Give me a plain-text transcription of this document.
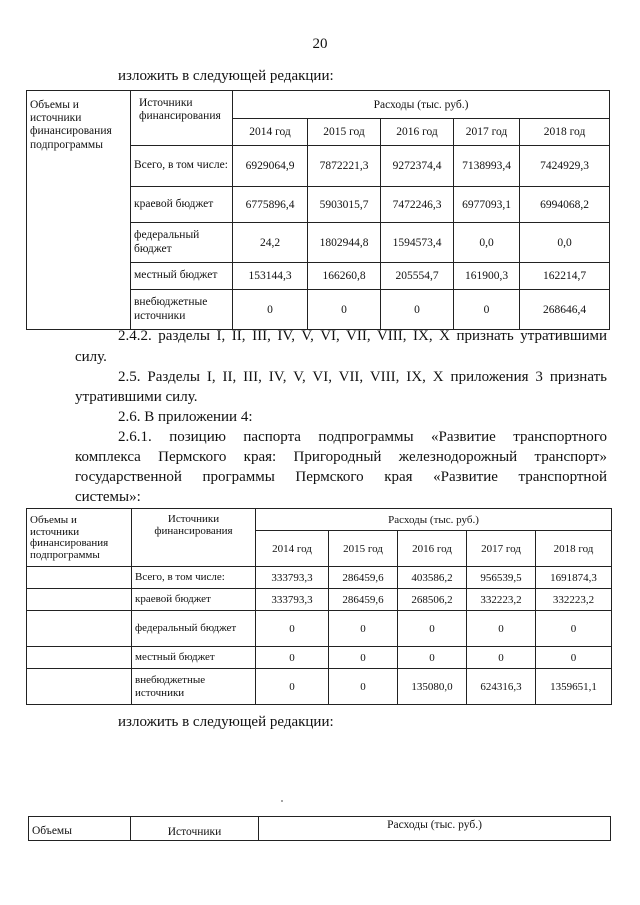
20
изложить в следующей редакции:
Объемы и источники финансирования подпрограммы	Источники финансирования	Расходы (тыс. руб.)				
		2014 год	2015 год	2016 год	2017 год	2018 год
	Всего, в том числе:	6929064,9	7872221,3	9272374,4	7138993,4	7424929,3
	краевой бюджет	6775896,4	5903015,7	7472246,3	6977093,1	6994068,2
	федеральный бюджет	24,2	1802944,8	1594573,4	0,0	0,0
	местный бюджет	153144,3	166260,8	205554,7	161900,3	162214,7
	внебюджетные источники	0	0	0	0	268646,4
2.4.2. разделы I, II, III, IV, V, VI, VII, VIII, IX, X признать утратившими
силу.
2.5. Разделы I, II, III, IV, V, VI, VII, VIII, IX, X приложения 3 признать
утратившими силу.
2.6. В приложении 4:
2.6.1. позицию паспорта подпрограммы «Развитие транспортного
комплекса Пермского края: Пригородный железнодорожный транспорт»
государственной программы Пермского края «Развитие транспортной
системы»:
Объемы и источники финансирования подпрограммы	Источники финансирования	Расходы (тыс. руб.)				
		2014 год	2015 год	2016 год	2017 год	2018 год
	Всего, в том числе:	333793,3	286459,6	403586,2	956539,5	1691874,3
	краевой бюджет	333793,3	286459,6	268506,2	332223,2	332223,2
	федеральный бюджет	0	0	0	0	0
	местный бюджет	0	0	0	0	0
	внебюджетные источники	0	0	135080,0	624316,3	1359651,1
изложить в следующей редакции:
Объемы	Источники	Расходы (тыс. руб.)
